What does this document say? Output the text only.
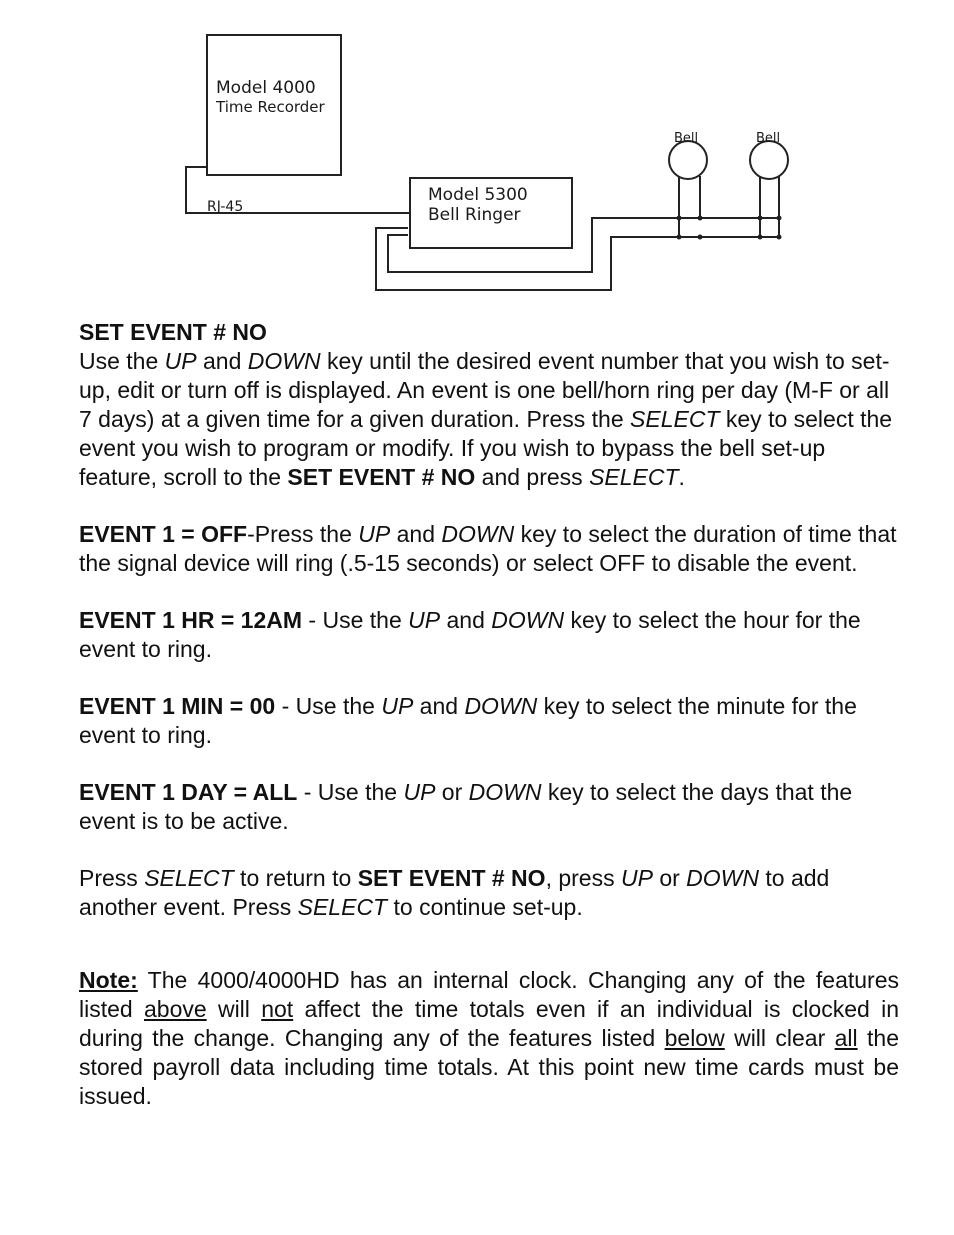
Model 4000
Time Recorder
Model 5300
Bell Ringer
RJ-45
Bell	Bell

SET EVENT # NO
Use the UP and DOWN key until the desired event number that you wish to set-up, edit or turn off is displayed. An event is one bell/horn ring per day (M-F or all 7 days) at a given time for a given duration. Press the SELECT key to select the event you wish to program or modify. If you wish to bypass the bell set-up feature, scroll to the SET EVENT # NO and press SELECT.

EVENT 1 = OFF-Press the UP and DOWN key to select the duration of time that the signal device will ring (.5-15 seconds) or select OFF to disable the event.

EVENT 1 HR = 12AM - Use the UP and DOWN key to select the hour for the event to ring.

EVENT 1 MIN = 00 - Use the UP and DOWN key to select the minute for the event to ring.

EVENT 1 DAY = ALL - Use the UP or DOWN key to select the days that the event is to be active.

Press SELECT to return to SET EVENT # NO, press UP or DOWN to add another event. Press SELECT to continue set-up.

Note: The 4000/4000HD has an internal clock. Changing any of the features listed above will not affect the time totals even if an individual is clocked in during the change. Changing any of the features listed below will clear all the stored payroll data including time totals. At this point new time cards must be issued.
